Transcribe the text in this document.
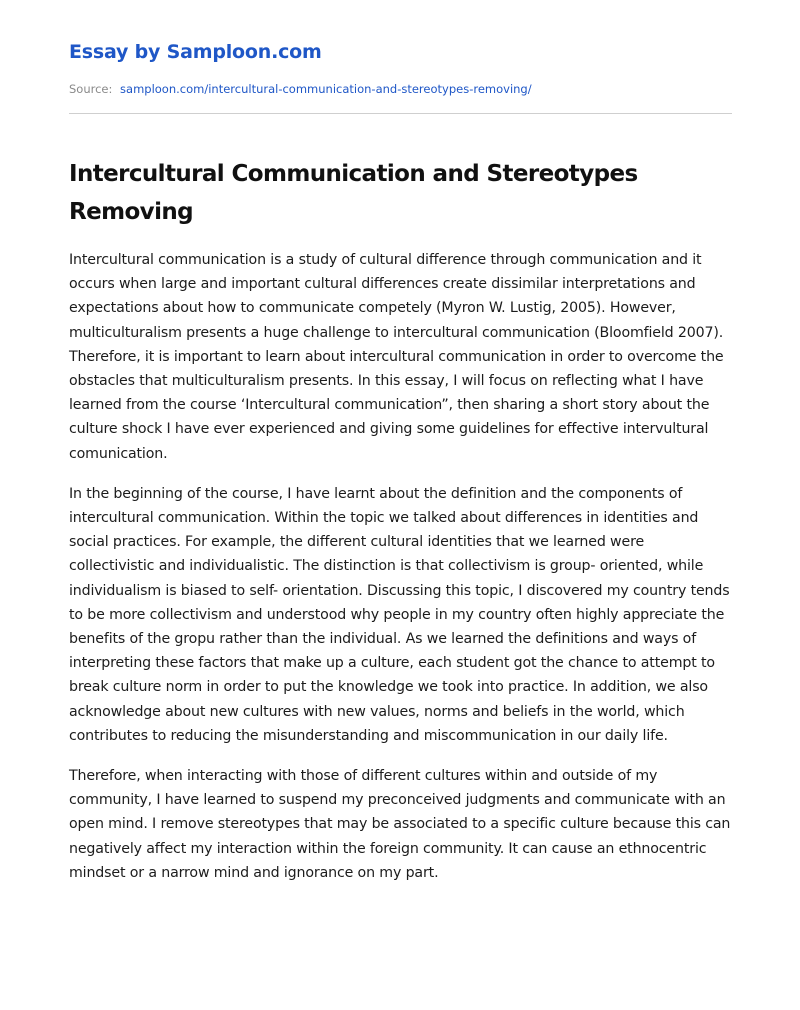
Essay by Samploon.com
Source: samploon.com/intercultural-communication-and-stereotypes-removing/
Intercultural Communication and Stereotypes Removing

Intercultural communication is a study of cultural difference through communication and it occurs when large and important cultural differences create dissimilar interpretations and expectations about how to communicate competely (Myron W. Lustig, 2005). However, multiculturalism presents a huge challenge to intercultural communication (Bloomfield 2007). Therefore, it is important to learn about intercultural communication in order to overcome the obstacles that multiculturalism presents. In this essay, I will focus on reflecting what I have learned from the course ‘Intercultural communication”, then sharing a short story about the culture shock I have ever experienced and giving some guidelines for effective intervultural comunication.

In the beginning of the course, I have learnt about the definition and the components of intercultural communication. Within the topic we talked about differences in identities and social practices. For example, the different cultural identities that we learned were collectivistic and individualistic. The distinction is that collectivism is group- oriented, while individualism is biased to self- orientation. Discussing this topic, I discovered my country tends to be more collectivism and understood why people in my country often highly appreciate the benefits of the gropu rather than the individual. As we learned the definitions and ways of interpreting these factors that make up a culture, each student got the chance to attempt to break culture norm in order to put the knowledge we took into practice. In addition, we also acknowledge about new cultures with new values, norms and beliefs in the world, which contributes to reducing the misunderstanding and miscommunication in our daily life.

Therefore, when interacting with those of different cultures within and outside of my community, I have learned to suspend my preconceived judgments and communicate with an open mind. I remove stereotypes that may be associated to a specific culture because this can negatively affect my interaction within the foreign community. It can cause an ethnocentric mindset or a narrow mind and ignorance on my part.
